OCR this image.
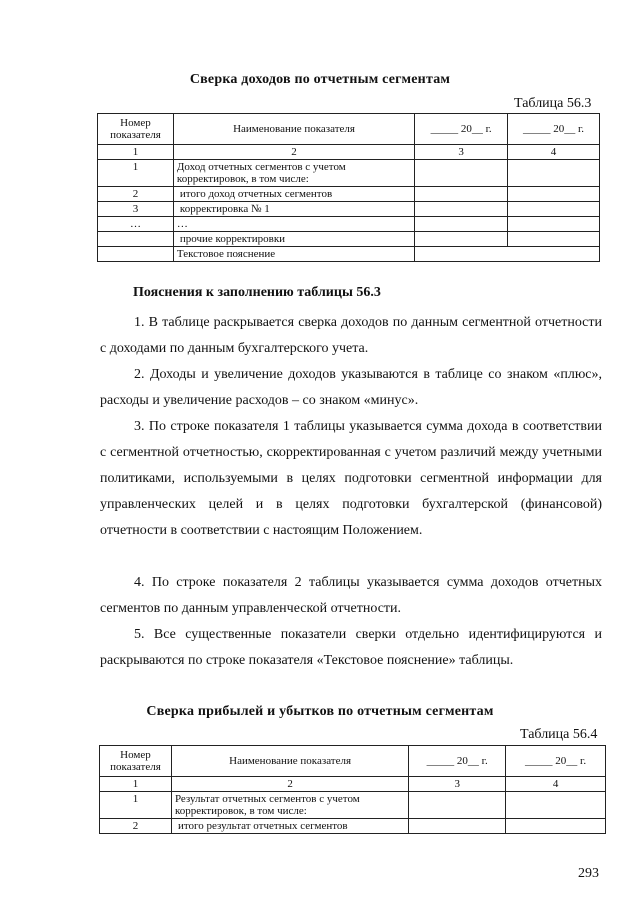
Сверка доходов по отчетным сегментам
Таблица 56.3
Номер показателя	Наименование показателя	_____ 20__ г.	_____ 20__ г.
1	2	3	4
1	Доход отчетных сегментов с учетом корректировок, в том числе:		
2	итого доход отчетных сегментов		
3	корректировка № 1		
…	…		
	прочие корректировки		
	Текстовое пояснение		
Пояснения к заполнению таблицы 56.3
1. В таблице раскрывается сверка доходов по данным сегментной отчетности с доходами по данным бухгалтерского учета.
2. Доходы и увеличение доходов указываются в таблице со знаком «плюс», расходы и увеличение расходов – со знаком «минус».
3. По строке показателя 1 таблицы указывается сумма дохода в соответствии с сегментной отчетностью, скорректированная с учетом различий между учетными политиками, используемыми в целях подготовки сегментной информации для управленческих целей и в целях подготовки бухгалтерской (финансовой) отчетности в соответствии с настоящим Положением.
4. По строке показателя 2 таблицы указывается сумма доходов отчетных сегментов по данным управленческой отчетности.
5. Все существенные показатели сверки отдельно идентифицируются и раскрываются по строке показателя «Текстовое пояснение» таблицы.
Сверка прибылей и убытков по отчетным сегментам
Таблица 56.4
Номер показателя	Наименование показателя	_____ 20__ г.	_____ 20__ г.
1	2	3	4
1	Результат отчетных сегментов с учетом корректировок, в том числе:		
2	итого результат отчетных сегментов		
293
